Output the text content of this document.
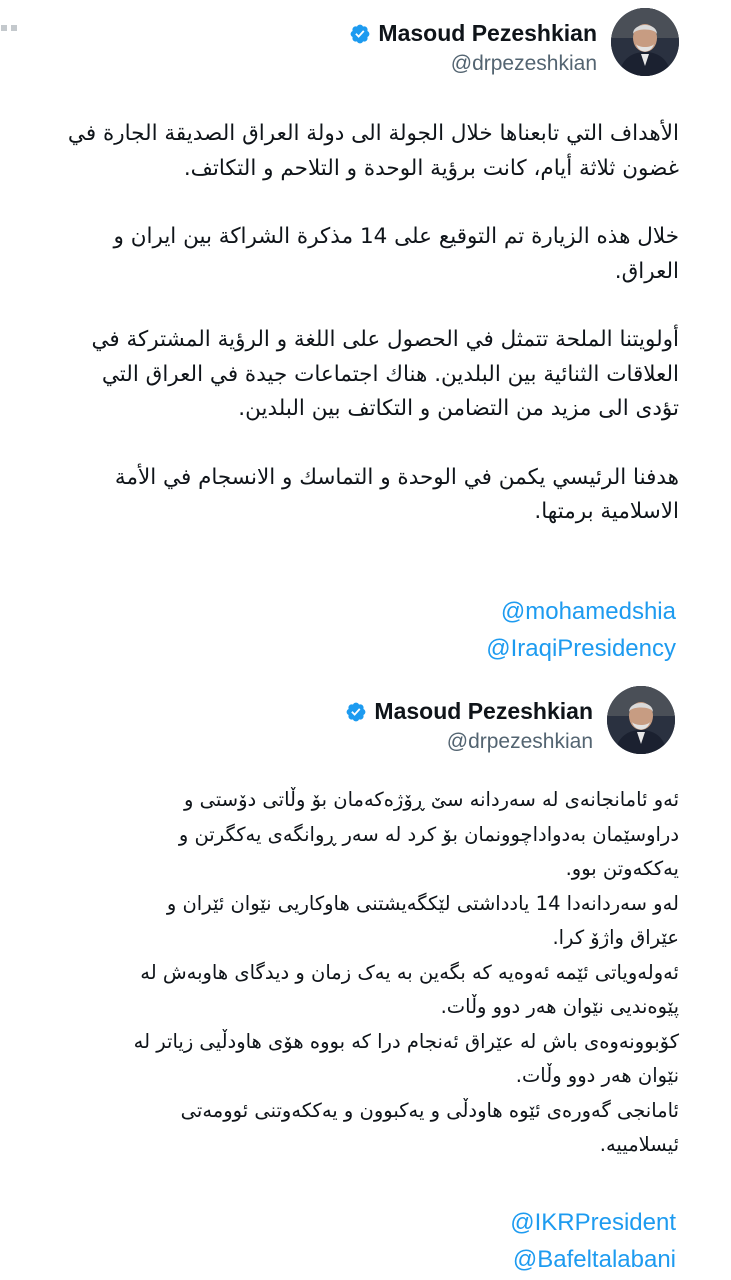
Masoud Pezeshkian
@drpezeshkian

الأهداف التي تابعناها خلال الجولة الى دولة العراق الصديقة الجارة في غضون ثلاثة أيام، كانت برؤية الوحدة و التلاحم و التكاتف.

خلال هذه الزيارة تم التوقيع على 14 مذكرة الشراكة بين ايران و العراق.

أولويتنا الملحة تتمثل في الحصول على اللغة و الرؤية المشتركة في العلاقات الثنائية بين البلدين. هناك اجتماعات جيدة في العراق التي تؤدى الى مزيد من التضامن و التكاتف بين البلدين.

هدفنا الرئيسي يكمن في الوحدة و التماسك و الانسجام في الأمة الاسلامية برمتها.

@mohamedshia
@IraqiPresidency
Masoud Pezeshkian
@drpezeshkian

ئەو ئامانجانەی لە سەردانە سێ ڕۆژەکەمان بۆ وڵاتی دۆستی و

دراوسێمان بەدواداچوونمان بۆ کرد لە سەر ڕوانگەی یەکگرتن و

یەککەوتن بوو.

لەو سەردانەدا 14 یادداشتی لێکگەیشتنی هاوکاریی نێوان ئێران و

عێراق واژۆ کرا.

ئەولەویاتی ئێمە ئەوەیە کە بگەین بە یەک زمان و دیدگای هاوبەش لە

پێوەندیی نێوان هەر دوو وڵات.

کۆبوونەوەی باش لە عێراق ئەنجام درا کە بووە هۆی هاودڵیی زیاتر لە

نێوان هەر دوو وڵات.

ئامانجی گەورەی ئێوە هاودڵی و یەکبوون و یەککەوتنی ئوومەتی

ئیسلامییە.

@IKRPresident
@Bafeltalabani
